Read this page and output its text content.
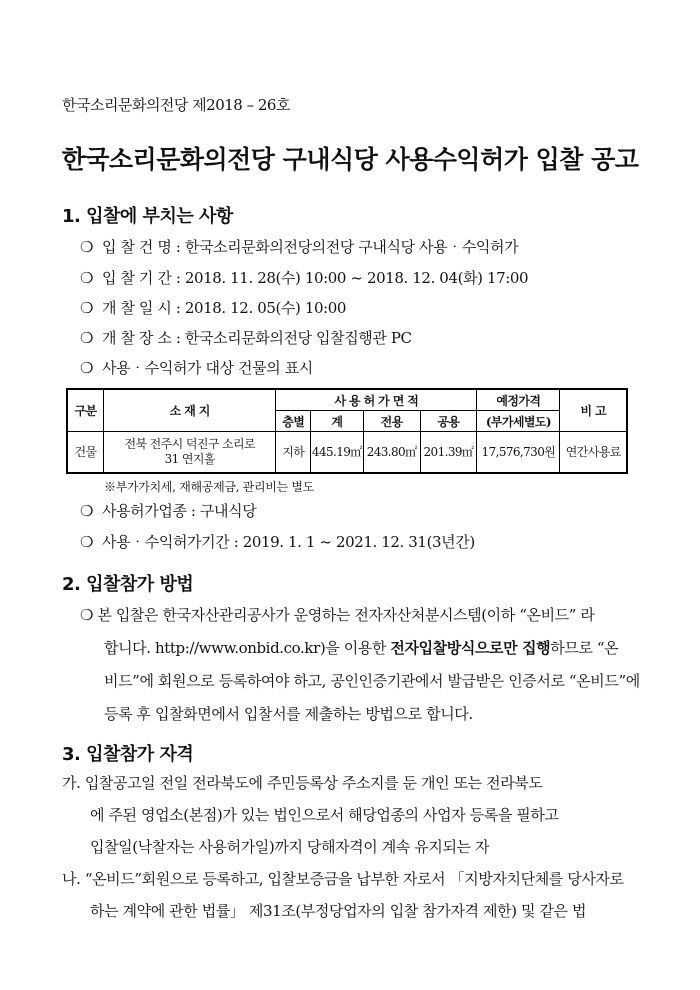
한국소리문화의전당 제2018 – 26호
한국소리문화의전당 구내식당 사용수익허가 입찰 공고
1. 입찰에 부치는 사항
❍ 입 찰 건 명 : 한국소리문화의전당의전당 구내식당 사용‧수익허가
❍ 입 찰 기 간 : 2018. 11. 28(수) 10:00 ~ 2018. 12. 04(화) 17:00
❍ 개 찰 일 시 : 2018. 12. 05(수) 10:00
❍ 개 찰 장 소 : 한국소리문화의전당 입찰집행관 PC
❍ 사용‧수익허가 대상 건물의 표시
구분	소 재 지	사 용 허 가 면 적				예정가격	비 고
		층별	계	전용	공용	(부가세별도)	
건물	전북 전주시 덕진구 소리로31 연지홀	지하	445.19㎡	243.80㎡	201.39㎡	17,576,730원	연간사용료
※부가가치세, 재해공제금, 관리비는 별도
❍ 사용허가업종 : 구내식당
❍ 사용‧수익허가기간 : 2019. 1. 1 ~ 2021. 12. 31(3년간)
2. 입찰참가 방법
❍ 본 입찰은 한국자산관리공사가 운영하는 전자자산처분시스템(이하 “온비드” 라
합니다. http://www.onbid.co.kr)을 이용한 전자입찰방식으로만 집행하므로 “온
비드”에 회원으로 등록하여야 하고, 공인인증기관에서 발급받은 인증서로 “온비드”에
등록 후 입찰화면에서 입찰서를 제출하는 방법으로 합니다.
3. 입찰참가 자격
가. 입찰공고일 전일 전라북도에 주민등록상 주소지를 둔 개인 또는 전라북도
에 주된 영업소(본점)가 있는 법인으로서 해당업종의 사업자 등록을 필하고
입찰일(낙찰자는 사용허가일)까지 당해자격이 계속 유지되는 자
나. “온비드”회원으로 등록하고, 입찰보증금을 납부한 자로서 「지방자치단체를 당사자로
하는 계약에 관한 법률」 제31조(부정당업자의 입찰 참가자격 제한) 및 같은 법
